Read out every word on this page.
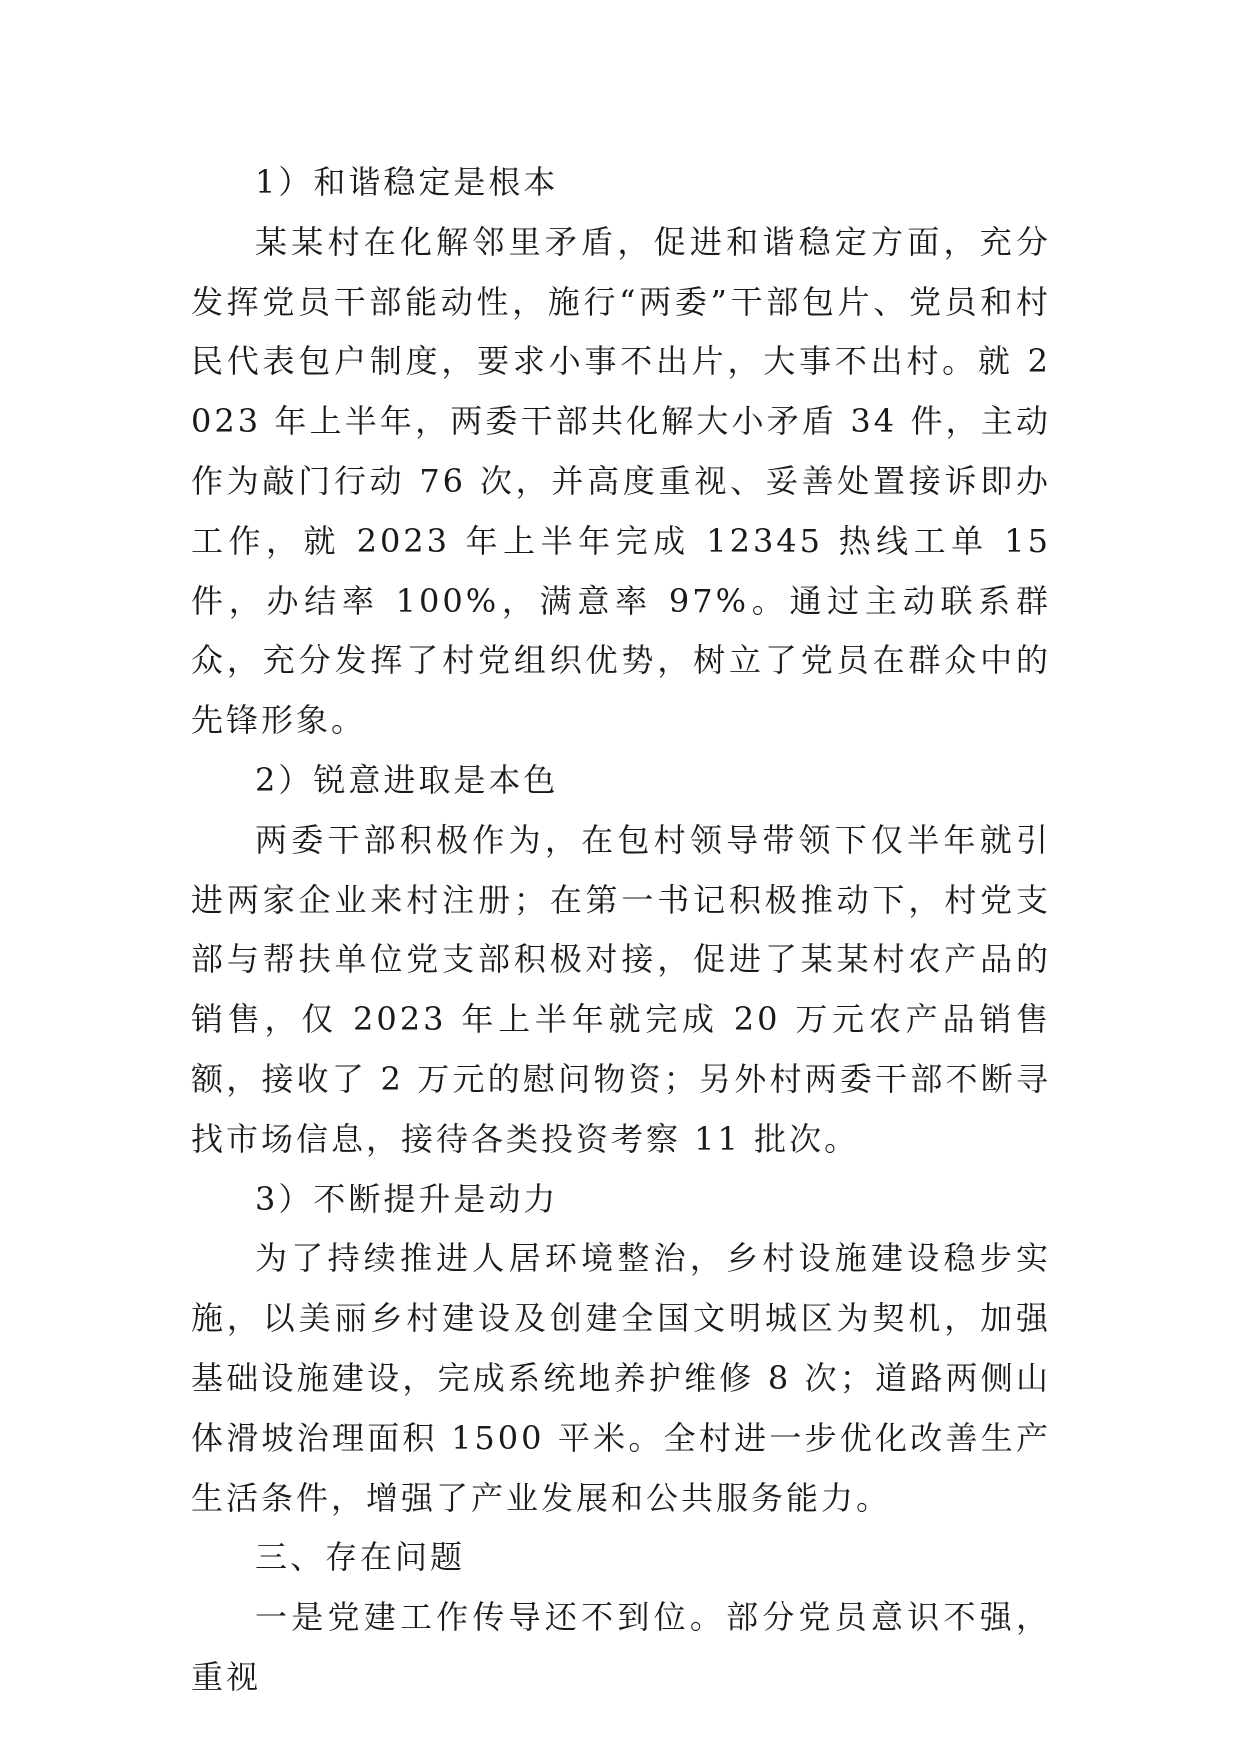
1）和谐稳定是根本

某某村在化解邻里矛盾，促进和谐稳定方面，充分发挥党员干部能动性，施行“两委”干部包片、党员和村民代表包户制度，要求小事不出片，大事不出村。就 2023 年上半年，两委干部共化解大小矛盾 34 件，主动作为敲门行动 76 次，并高度重视、妥善处置接诉即办工作，就 2023 年上半年完成 12345 热线工单 15 件，办结率 100%，满意率 97%。通过主动联系群众，充分发挥了村党组织优势，树立了党员在群众中的先锋形象。

2）锐意进取是本色

两委干部积极作为，在包村领导带领下仅半年就引进两家企业来村注册；在第一书记积极推动下，村党支部与帮扶单位党支部积极对接，促进了某某村农产品的销售，仅 2023 年上半年就完成 20 万元农产品销售额，接收了 2 万元的慰问物资；另外村两委干部不断寻找市场信息，接待各类投资考察 11 批次。

3）不断提升是动力

为了持续推进人居环境整治，乡村设施建设稳步实施，以美丽乡村建设及创建全国文明城区为契机，加强基础设施建设，完成系统地养护维修 8 次；道路两侧山体滑坡治理面积 1500 平米。全村进一步优化改善生产生活条件，增强了产业发展和公共服务能力。

三、存在问题

一是党建工作传导还不到位。部分党员意识不强，重视
